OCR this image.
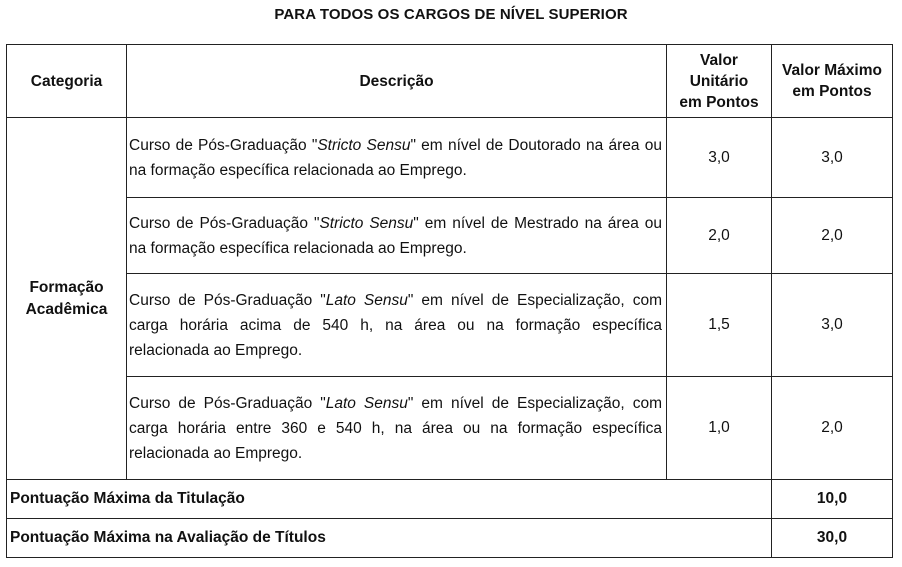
PARA TODOS OS CARGOS DE NÍVEL SUPERIOR
Categoria	Descrição	Valor Unitário em Pontos	Valor Máximo em Pontos
Formação Acadêmica	Curso de Pós-Graduação "Stricto Sensu" em nível de Doutorado na área ou na formação específica relacionada ao Emprego.	3,0	3,0
	Curso de Pós-Graduação "Stricto Sensu" em nível de Mestrado na área ou na formação específica relacionada ao Emprego.	2,0	2,0
	Curso de Pós-Graduação "Lato Sensu" em nível de Especialização, com carga horária acima de 540 h, na área ou na formação específica relacionada ao Emprego.	1,5	3,0
	Curso de Pós-Graduação "Lato Sensu" em nível de Especialização, com carga horária entre 360 e 540 h, na área ou na formação específica relacionada ao Emprego.	1,0	2,0
Pontuação Máxima da Titulação			10,0
Pontuação Máxima na Avaliação de Títulos			30,0
